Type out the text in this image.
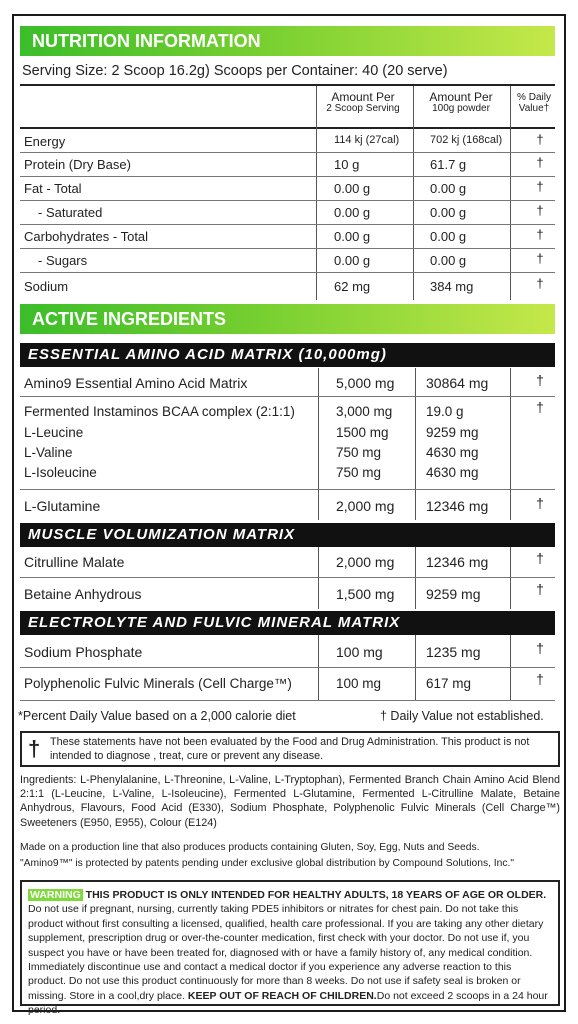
NUTRITION INFORMATION
Serving Size: 2 Scoop 16.2g) Scoops per Container: 40 (20 serve)
Amount Per
2 Scoop Serving
Amount Per
100g powder
% Daily
Value†
Energy	114 kj (27cal)	702 kj (168cal)	†
Protein (Dry Base)	10 g	61.7 g	†
Fat - Total	0.00 g	0.00 g	†
- Saturated	0.00 g	0.00 g	†
Carbohydrates - Total	0.00 g	0.00 g	†
- Sugars	0.00 g	0.00 g	†
Sodium	62 mg	384 mg	†
ACTIVE INGREDIENTS
ESSENTIAL AMINO ACID MATRIX (10,000mg)
Amino9 Essential Amino Acid Matrix	5,000 mg 30864 mg	†
Fermented Instaminos BCAA complex (2:1:1)	3,000 mg 19.0 g	†
L-Leucine	1500 mg	9259 mg
L-Valine	750 mg	4630 mg
L-Isoleucine	750 mg	4630 mg
L-Glutamine	2,000 mg 12346 mg	†
MUSCLE VOLUMIZATION MATRIX
Citrulline Malate	2,000 mg 12346 mg	†
Betaine Anhydrous	1,500 mg 9259 mg	†
ELECTROLYTE AND FULVIC MINERAL MATRIX
Sodium Phosphate	100 mg	1235 mg	†
Polyphenolic Fulvic Minerals (Cell Charge™)	100 mg	617 mg	†
*Percent Daily Value based on a 2,000 calorie diet	† Daily Value not established.
† These statements have not been evaluated by the Food and Drug Administration. This product is not intended to diagnose , treat, cure or prevent any disease.
Ingredients: L-Phenylalanine, L-Threonine, L-Valine, L-Tryptophan), Fermented Branch Chain Amino Acid Blend 2:1:1 (L-Leucine, L-Valine, L-Isoleucine), Fermented L-Glutamine, Fermented L-Citrulline Malate, Betaine Anhydrous, Flavours, Food Acid (E330), Sodium Phosphate, Polyphenolic Fulvic Minerals (Cell Charge™) Sweeteners (E950, E955), Colour (E124)
Made on a production line that also produces products containing Gluten, Soy, Egg, Nuts and Seeds.
"Amino9™" is protected by patents pending under exclusive global distribution by Compound Solutions, Inc."
WARNING THIS PRODUCT IS ONLY INTENDED FOR HEALTHY ADULTS, 18 YEARS OF AGE OR OLDER. Do not use if pregnant, nursing, currently taking PDE5 inhibitors or nitrates for chest pain. Do not take this product without first consulting a licensed, qualified, health care professional. If you are taking any other dietary supplement, prescription drug or over-the-counter medication, first check with your doctor. Do not use if, you suspect you have or have been treated for, diagnosed with or have a family history of, any medical condition. Immediately discontinue use and contact a medical doctor if you experience any adverse reaction to this product. Do not use this product continuously for more than 8 weeks. Do not use if safety seal is broken or missing. Store in a cool,dry place. KEEP OUT OF REACH OF CHILDREN.Do not exceed 2 scoops in a 24 hour period.
